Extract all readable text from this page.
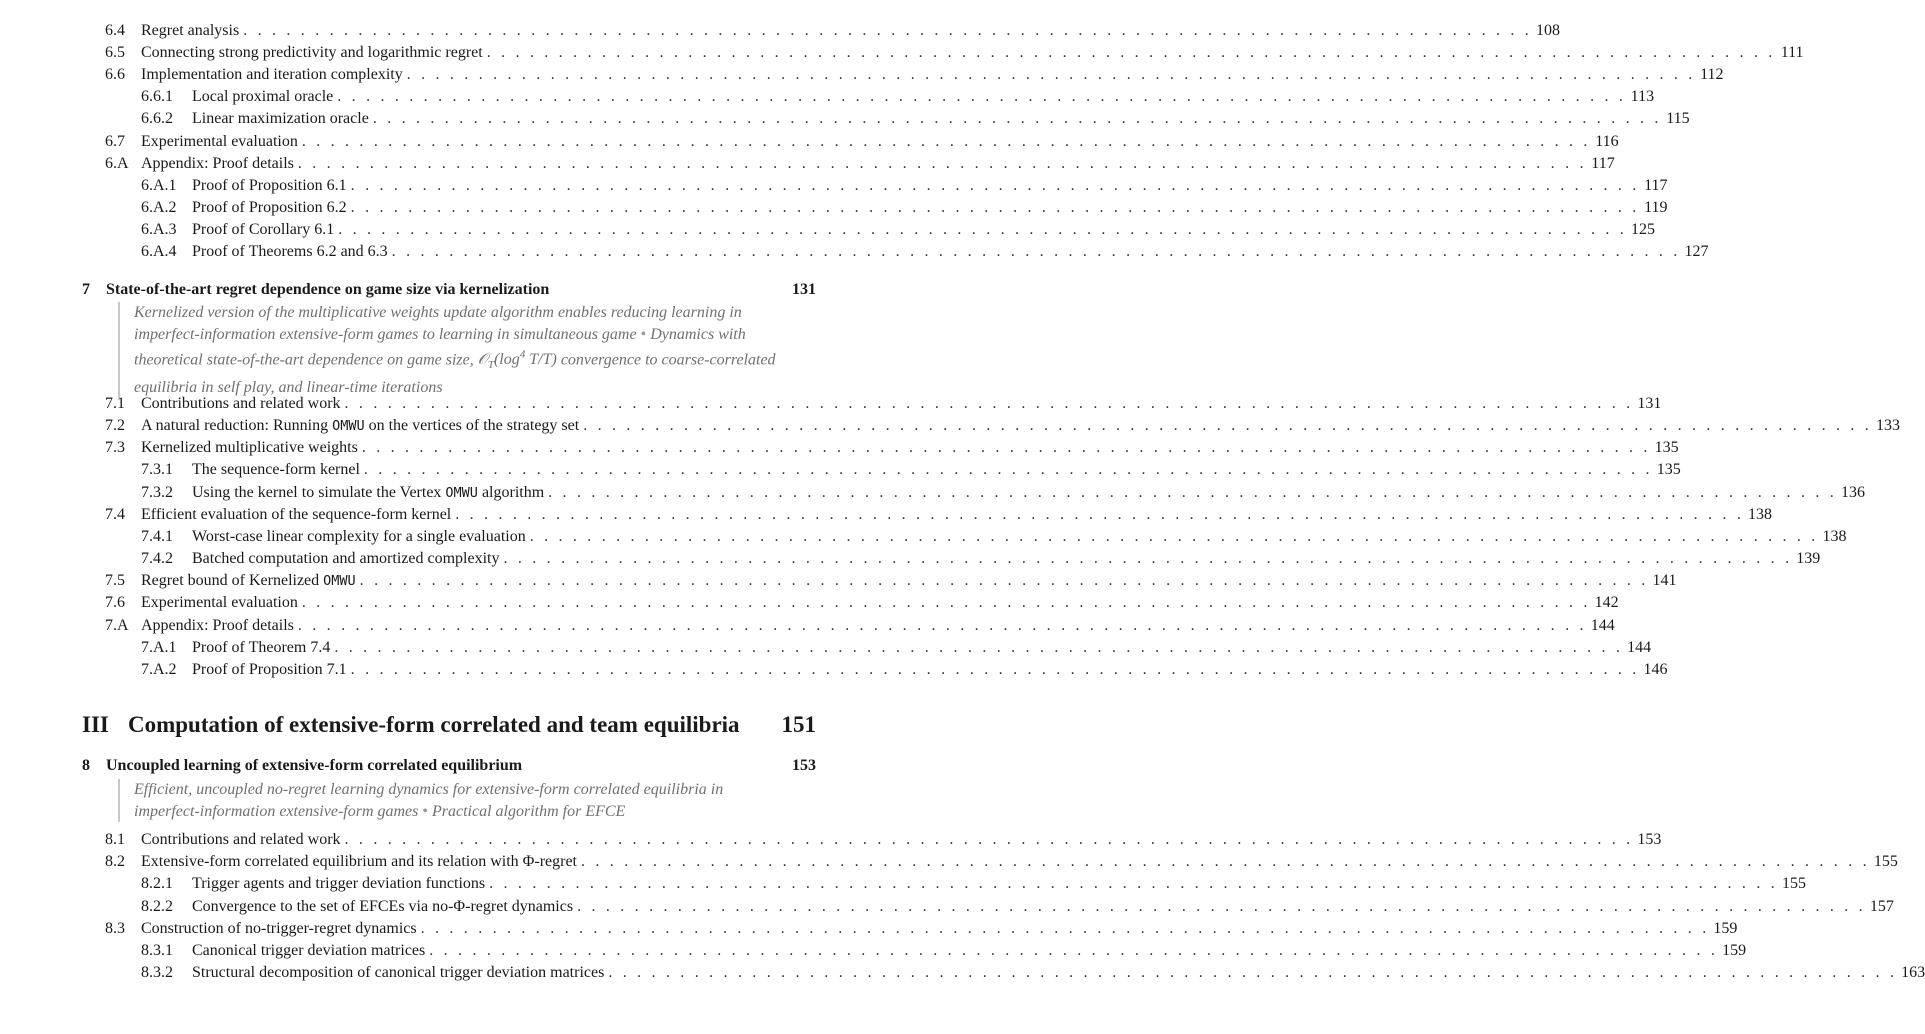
7	State-of-the-art regret dependence on game size via kernelization	131
Kernelized version of the multiplicative weights update algorithm enables reducing learning in imperfect-information extensive-form games to learning in simultaneous game • Dynamics with theoretical state-of-the-art dependence on game size, $𝒪_T(\log^4$ T/T) convergence to coarse-correlated equilibria in self play, and linear-time iterations
III Computation of extensive-form correlated and team equilibria	151
8	Uncoupled learning of extensive-form correlated equilibrium	153
Efficient, uncoupled no-regret learning dynamics for extensive-form correlated equilibria in imperfect-information extensive-form games • Practical algorithm for EFCE
6.4	Regret analysis . . . . . . . . . . . . . . . . . . . . . . . . . . . . . . . . . . . . . . . . . . . . . . . . . . . . . . . . . . . . . . . . . . . . . . . . . . . . . . . . . . . . . . . . . . 108
6.5	Connecting strong predictivity and logarithmic regret . . . . . . . . . . . . . . . . . . . . . . . . . . . . . . . . . . . . . . . . . . . . . . . . . . . . . . . . . . . . . . . . . . . . . . . . . . . . . . . . . . . . . . . . . . 111
6.6	Implementation and iteration complexity . . . . . . . . . . . . . . . . . . . . . . . . . . . . . . . . . . . . . . . . . . . . . . . . . . . . . . . . . . . . . . . . . . . . . . . . . . . . . . . . . . . . . . . . . . 112
6.6.1	Local proximal oracle . . . . . . . . . . . . . . . . . . . . . . . . . . . . . . . . . . . . . . . . . . . . . . . . . . . . . . . . . . . . . . . . . . . . . . . . . . . . . . . . . . . . . . . . . . 113
6.6.2	Linear maximization oracle . . . . . . . . . . . . . . . . . . . . . . . . . . . . . . . . . . . . . . . . . . . . . . . . . . . . . . . . . . . . . . . . . . . . . . . . . . . . . . . . . . . . . . . . . . 115
6.7	Experimental evaluation . . . . . . . . . . . . . . . . . . . . . . . . . . . . . . . . . . . . . . . . . . . . . . . . . . . . . . . . . . . . . . . . . . . . . . . . . . . . . . . . . . . . . . . . . . 116
6.A Appendix: Proof details . . . . . . . . . . . . . . . . . . . . . . . . . . . . . . . . . . . . . . . . . . . . . . . . . . . . . . . . . . . . . . . . . . . . . . . . . . . . . . . . . . . . . . . . . . 117
6.A.1 Proof of Proposition 6.1 . . . . . . . . . . . . . . . . . . . . . . . . . . . . . . . . . . . . . . . . . . . . . . . . . . . . . . . . . . . . . . . . . . . . . . . . . . . . . . . . . . . . . . . . . . 117
6.A.2 Proof of Proposition 6.2 . . . . . . . . . . . . . . . . . . . . . . . . . . . . . . . . . . . . . . . . . . . . . . . . . . . . . . . . . . . . . . . . . . . . . . . . . . . . . . . . . . . . . . . . . . 119
6.A.3 Proof of Corollary 6.1 . . . . . . . . . . . . . . . . . . . . . . . . . . . . . . . . . . . . . . . . . . . . . . . . . . . . . . . . . . . . . . . . . . . . . . . . . . . . . . . . . . . . . . . . . . 125
6.A.4 Proof of Theorems 6.2 and 6.3 . . . . . . . . . . . . . . . . . . . . . . . . . . . . . . . . . . . . . . . . . . . . . . . . . . . . . . . . . . . . . . . . . . . . . . . . . . . . . . . . . . . . . . . . . . 127
7.1	Contributions and related work . . . . . . . . . . . . . . . . . . . . . . . . . . . . . . . . . . . . . . . . . . . . . . . . . . . . . . . . . . . . . . . . . . . . . . . . . . . . . . . . . . . . . . . . . . 131
7.2	A natural reduction: Running OMWU on the vertices of the strategy set . . . . . . . . . . . . . . . . . . . . . . . . . . . . . . . . . . . . . . . . . . . . . . . . . . . . . . . . . . . . . . . . . . . . . . . . . . . . . . . . . . . . . . . . . . 133
7.3	Kernelized multiplicative weights . . . . . . . . . . . . . . . . . . . . . . . . . . . . . . . . . . . . . . . . . . . . . . . . . . . . . . . . . . . . . . . . . . . . . . . . . . . . . . . . . . . . . . . . . . 135
7.3.1	The sequence-form kernel . . . . . . . . . . . . . . . . . . . . . . . . . . . . . . . . . . . . . . . . . . . . . . . . . . . . . . . . . . . . . . . . . . . . . . . . . . . . . . . . . . . . . . . . . . 135
7.3.2	Using the kernel to simulate the Vertex OMWU algorithm . . . . . . . . . . . . . . . . . . . . . . . . . . . . . . . . . . . . . . . . . . . . . . . . . . . . . . . . . . . . . . . . . . . . . . . . . . . . . . . . . . . . . . . . . . 136
7.4	Efficient evaluation of the sequence-form kernel . . . . . . . . . . . . . . . . . . . . . . . . . . . . . . . . . . . . . . . . . . . . . . . . . . . . . . . . . . . . . . . . . . . . . . . . . . . . . . . . . . . . . . . . . . 138
7.4.1	Worst-case linear complexity for a single evaluation . . . . . . . . . . . . . . . . . . . . . . . . . . . . . . . . . . . . . . . . . . . . . . . . . . . . . . . . . . . . . . . . . . . . . . . . . . . . . . . . . . . . . . . . . . 138
7.4.2	Batched computation and amortized complexity . . . . . . . . . . . . . . . . . . . . . . . . . . . . . . . . . . . . . . . . . . . . . . . . . . . . . . . . . . . . . . . . . . . . . . . . . . . . . . . . . . . . . . . . . . 139
7.5	Regret bound of Kernelized OMWU . . . . . . . . . . . . . . . . . . . . . . . . . . . . . . . . . . . . . . . . . . . . . . . . . . . . . . . . . . . . . . . . . . . . . . . . . . . . . . . . . . . . . . . . . . 141
7.6	Experimental evaluation . . . . . . . . . . . . . . . . . . . . . . . . . . . . . . . . . . . . . . . . . . . . . . . . . . . . . . . . . . . . . . . . . . . . . . . . . . . . . . . . . . . . . . . . . . 142
7.A Appendix: Proof details . . . . . . . . . . . . . . . . . . . . . . . . . . . . . . . . . . . . . . . . . . . . . . . . . . . . . . . . . . . . . . . . . . . . . . . . . . . . . . . . . . . . . . . . . . 144
7.A.1 Proof of Theorem 7.4 . . . . . . . . . . . . . . . . . . . . . . . . . . . . . . . . . . . . . . . . . . . . . . . . . . . . . . . . . . . . . . . . . . . . . . . . . . . . . . . . . . . . . . . . . . 144
7.A.2 Proof of Proposition 7.1 . . . . . . . . . . . . . . . . . . . . . . . . . . . . . . . . . . . . . . . . . . . . . . . . . . . . . . . . . . . . . . . . . . . . . . . . . . . . . . . . . . . . . . . . . . 146
8.1	Contributions and related work . . . . . . . . . . . . . . . . . . . . . . . . . . . . . . . . . . . . . . . . . . . . . . . . . . . . . . . . . . . . . . . . . . . . . . . . . . . . . . . . . . . . . . . . . . 153
8.2	Extensive-form correlated equilibrium and its relation with Φ-regret . . . . . . . . . . . . . . . . . . . . . . . . . . . . . . . . . . . . . . . . . . . . . . . . . . . . . . . . . . . . . . . . . . . . . . . . . . . . . . . . . . . . . . . . . . 155
8.2.1	Trigger agents and trigger deviation functions . . . . . . . . . . . . . . . . . . . . . . . . . . . . . . . . . . . . . . . . . . . . . . . . . . . . . . . . . . . . . . . . . . . . . . . . . . . . . . . . . . . . . . . . . . 155
8.2.2	Convergence to the set of EFCEs via no-Φ-regret dynamics . . . . . . . . . . . . . . . . . . . . . . . . . . . . . . . . . . . . . . . . . . . . . . . . . . . . . . . . . . . . . . . . . . . . . . . . . . . . . . . . . . . . . . . . . . 157
8.3	Construction of no-trigger-regret dynamics . . . . . . . . . . . . . . . . . . . . . . . . . . . . . . . . . . . . . . . . . . . . . . . . . . . . . . . . . . . . . . . . . . . . . . . . . . . . . . . . . . . . . . . . . . 159
8.3.1	Canonical trigger deviation matrices . . . . . . . . . . . . . . . . . . . . . . . . . . . . . . . . . . . . . . . . . . . . . . . . . . . . . . . . . . . . . . . . . . . . . . . . . . . . . . . . . . . . . . . . . . 159
8.3.2	Structural decomposition of canonical trigger deviation matrices . . . . . . . . . . . . . . . . . . . . . . . . . . . . . . . . . . . . . . . . . . . . . . . . . . . . . . . . . . . . . . . . . . . . . . . . . . . . . . . . . . . . . . . . . . 163
